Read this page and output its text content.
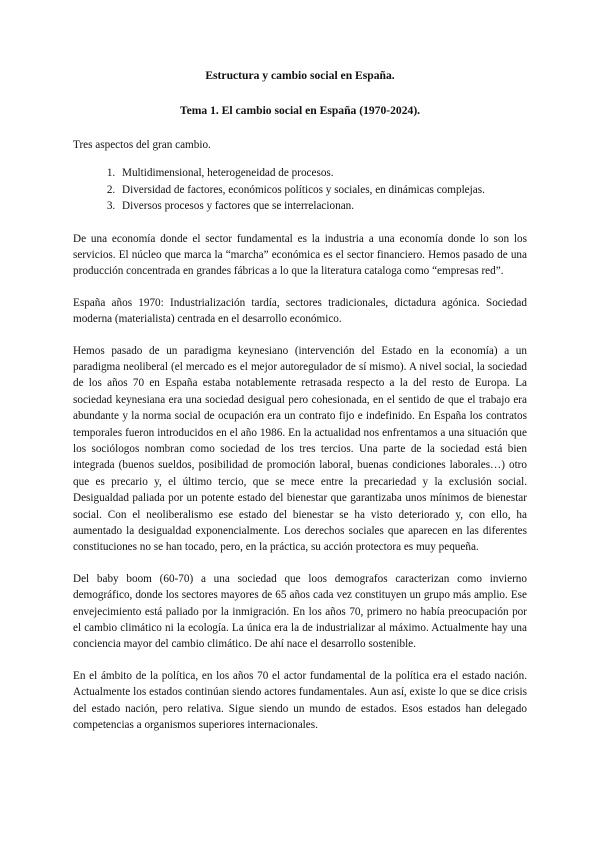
Estructura y cambio social en España.
Tema 1. El cambio social en España (1970-2024).

Tres aspectos del gran cambio.

1. Multidimensional, heterogeneidad de procesos.
2. Diversidad de factores, económicos políticos y sociales, en dinámicas complejas.
3. Diversos procesos y factores que se interrelacionan.

De una economía donde el sector fundamental es la industria a una economía donde lo son los servicios. El núcleo que marca la “marcha” económica es el sector financiero. Hemos pasado de una producción concentrada en grandes fábricas a lo que la literatura cataloga como “empresas red”.

España años 1970: Industrialización tardía, sectores tradicionales, dictadura agónica. Sociedad moderna (materialista) centrada en el desarrollo económico.

Hemos pasado de un paradigma keynesiano (intervención del Estado en la economía) a un paradigma neoliberal (el mercado es el mejor autoregulador de sí mismo). A nivel social, la sociedad de los años 70 en España estaba notablemente retrasada respecto a la del resto de Europa. La sociedad keynesiana era una sociedad desigual pero cohesionada, en el sentido de que el trabajo era abundante y la norma social de ocupación era un contrato fijo e indefinido. En España los contratos temporales fueron introducidos en el año 1986. En la actualidad nos enfrentamos a una situación que los sociólogos nombran como sociedad de los tres tercios. Una parte de la sociedad está bien integrada (buenos sueldos, posibilidad de promoción laboral, buenas condiciones laborales…) otro que es precario y, el último tercio, que se mece entre la precariedad y la exclusión social. Desigualdad paliada por un potente estado del bienestar que garantizaba unos mínimos de bienestar social. Con el neoliberalismo ese estado del bienestar se ha visto deteriorado y, con ello, ha aumentado la desigualdad exponencialmente. Los derechos sociales que aparecen en las diferentes constituciones no se han tocado, pero, en la práctica, su acción protectora es muy pequeña.

Del baby boom (60-70) a una sociedad que loos demografos caracterizan como invierno demográfico, donde los sectores mayores de 65 años cada vez constituyen un grupo más amplio. Ese envejecimiento está paliado por la inmigración. En los años 70, primero no había preocupación por el cambio climático ni la ecología. La única era la de industrializar al máximo. Actualmente hay una conciencia mayor del cambio climático. De ahí nace el desarrollo sostenible.

En el ámbito de la política, en los años 70 el actor fundamental de la política era el estado nación. Actualmente los estados continúan siendo actores fundamentales. Aun así, existe lo que se dice crisis del estado nación, pero relativa. Sigue siendo un mundo de estados. Esos estados han delegado competencias a organismos superiores internacionales.
